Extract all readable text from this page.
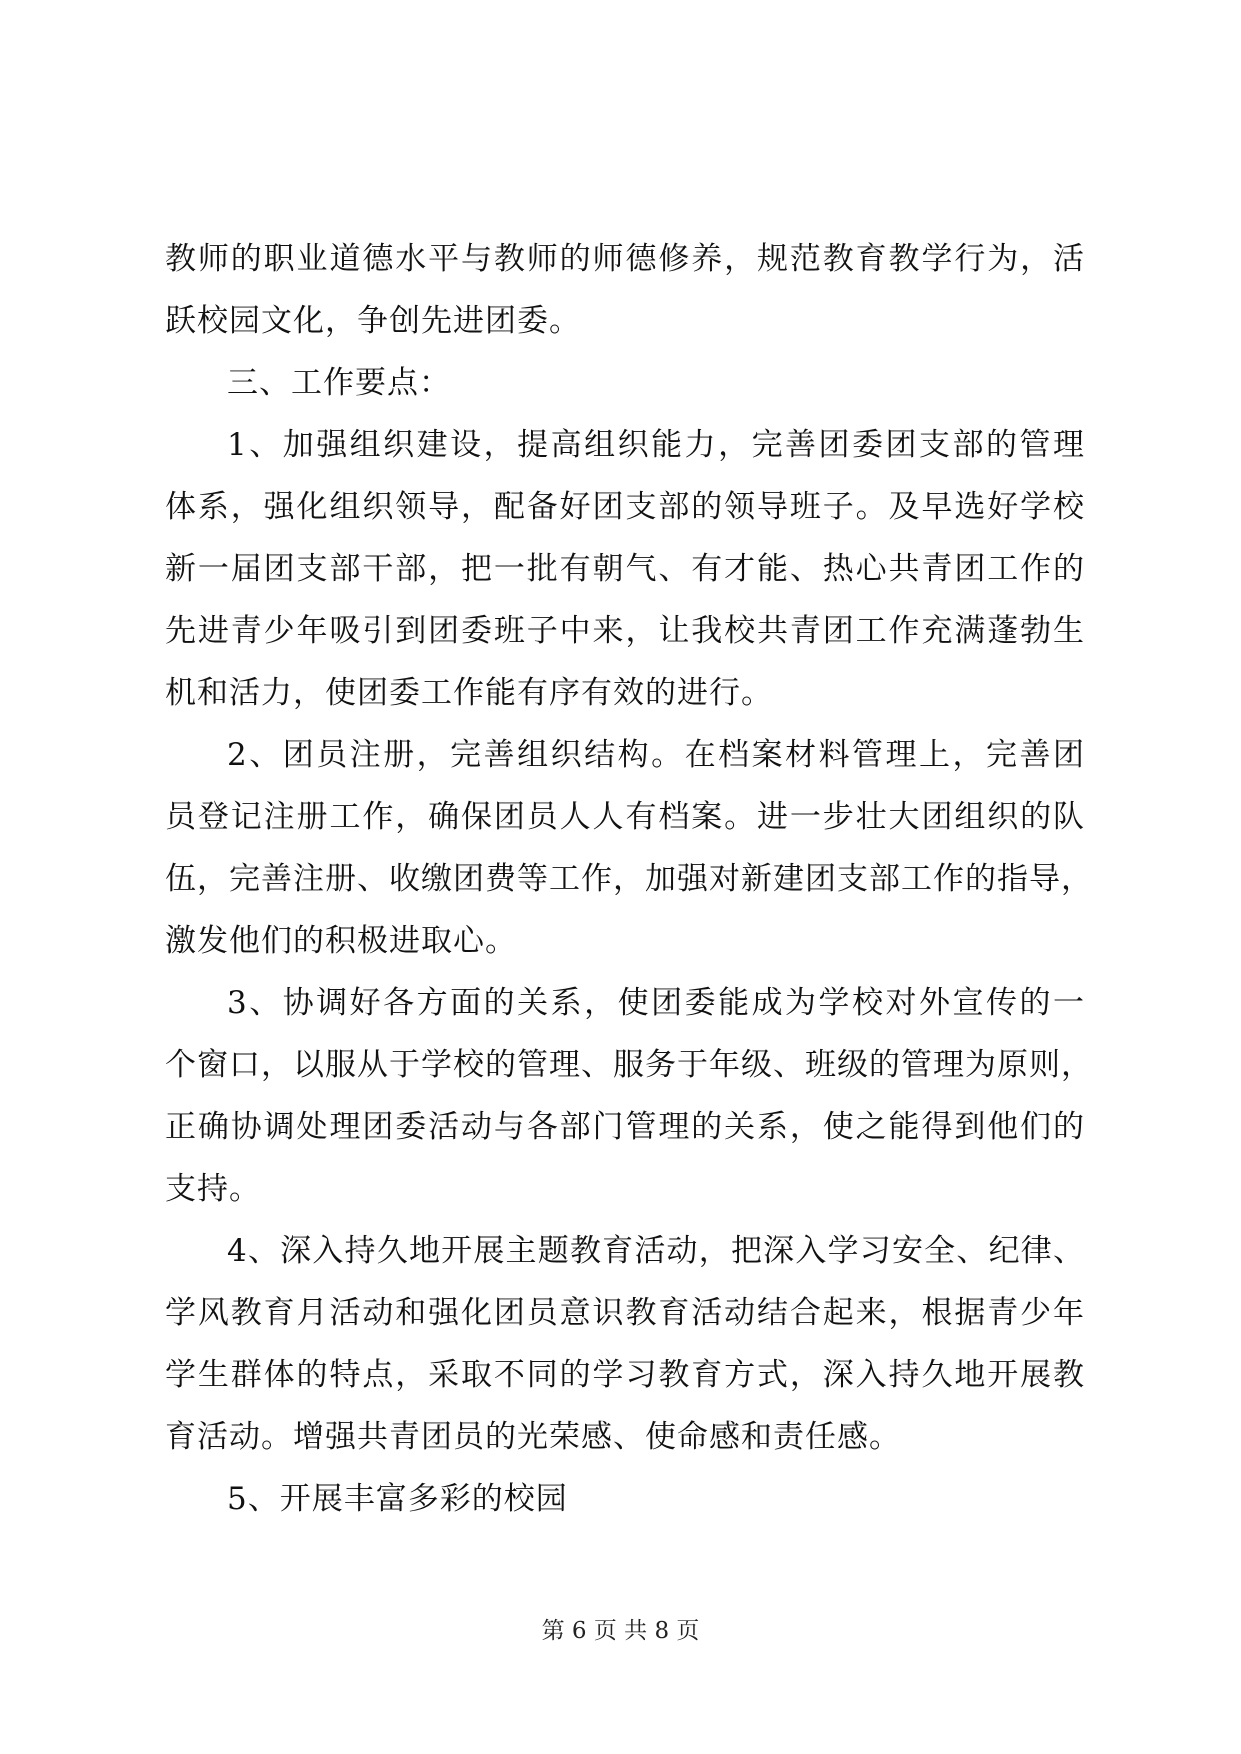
教师的职业道德水平与教师的师德修养，规范教育教学行为，活
跃校园文化，争创先进团委。
三、工作要点：
1、加强组织建设，提高组织能力，完善团委团支部的管理
体系，强化组织领导，配备好团支部的领导班子。及早选好学校
新一届团支部干部，把一批有朝气、有才能、热心共青团工作的
先进青少年吸引到团委班子中来，让我校共青团工作充满蓬勃生
机和活力，使团委工作能有序有效的进行。
2、团员注册，完善组织结构。在档案材料管理上，完善团
员登记注册工作，确保团员人人有档案。进一步壮大团组织的队
伍，完善注册、收缴团费等工作，加强对新建团支部工作的指导，
激发他们的积极进取心。
3、协调好各方面的关系，使团委能成为学校对外宣传的一
个窗口，以服从于学校的管理、服务于年级、班级的管理为原则，
正确协调处理团委活动与各部门管理的关系，使之能得到他们的
支持。
4、深入持久地开展主题教育活动，把深入学习安全、纪律、
学风教育月活动和强化团员意识教育活动结合起来，根据青少年
学生群体的特点，采取不同的学习教育方式，深入持久地开展教
育活动。增强共青团员的光荣感、使命感和责任感。
5、开展丰富多彩的校园
第 6 页 共 8 页
